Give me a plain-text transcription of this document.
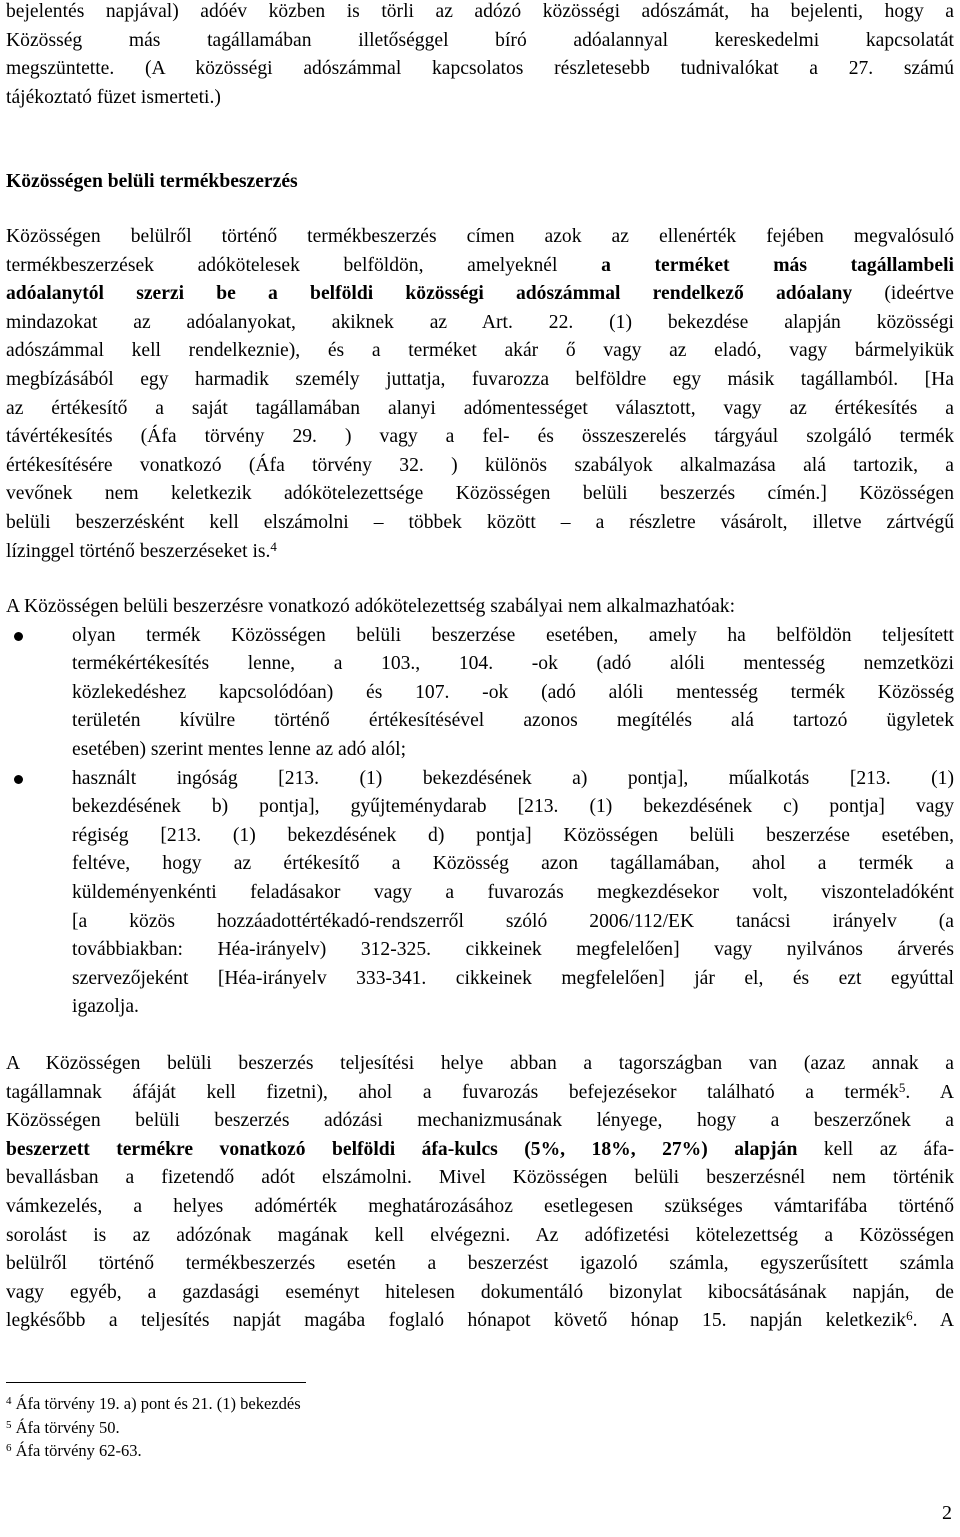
bejelentés napjával) adóév közben is törli az adózó közösségi adószámát, ha bejelenti, hogy a
Közösség más tagállamában illetőséggel bíró adóalannyal kereskedelmi kapcsolatát
megszüntette. (A közösségi adószámmal kapcsolatos részletesebb tudnivalókat a 27. számú
tájékoztató füzet ismerteti.)

Közösségen belüli termékbeszerzés

Közösségen belülről történő termékbeszerzés címen azok az ellenérték fejében megvalósuló
termékbeszerzések adókötelesek belföldön, amelyeknél a terméket más tagállambeli
adóalanytól szerzi be a belföldi közösségi adószámmal rendelkező adóalany (ideértve
mindazokat az adóalanyokat, akiknek az Art. 22. (1) bekezdése alapján közösségi
adószámmal kell rendelkeznie), és a terméket akár ő vagy az eladó, vagy bármelyikük
megbízásából egy harmadik személy juttatja, fuvarozza belföldre egy másik tagállamból. [Ha
az értékesítő a saját tagállamában alanyi adómentességet választott, vagy az értékesítés a
távértékesítés (Áfa törvény 29. ) vagy a fel- és összeszerelés tárgyául szolgáló termék
értékesítésére vonatkozó (Áfa törvény 32. ) különös szabályok alkalmazása alá tartozik, a
vevőnek nem keletkezik adókötelezettsége Közösségen belüli beszerzés címén.] Közösségen
belüli beszerzésként kell elszámolni – többek között – a részletre vásárolt, illetve zártvégű
lízinggel történő beszerzéseket is.$^4$

A Közösségen belüli beszerzésre vonatkozó adókötelezettség szabályai nem alkalmazhatóak:

olyan termék Közösségen belüli beszerzése esetében, amely ha belföldön teljesített
termékértékesítés lenne, a 103., 104. -ok (adó alóli mentesség nemzetközi
közlekedéshez kapcsolódóan) és 107. -ok (adó alóli mentesség termék Közösség
területén kívülre történő értékesítésével azonos megítélés alá tartozó ügyletek
esetében) szerint mentes lenne az adó alól;
használt ingóság [213. (1) bekezdésének a) pontja], műalkotás [213. (1)
bekezdésének b) pontja], gyűjteménydarab [213. (1) bekezdésének c) pontja] vagy
régiség [213. (1) bekezdésének d) pontja] Közösségen belüli beszerzése esetében,
feltéve, hogy az értékesítő a Közösség azon tagállamában, ahol a termék a
küldeményenkénti feladásakor vagy a fuvarozás megkezdésekor volt, viszonteladóként
[a közös hozzáadottértékadó-rendszerről szóló 2006/112/EK tanácsi irányelv (a
továbbiakban: Héa-irányelv) 312-325. cikkeinek megfelelően] vagy nyilvános árverés
szervezőjeként [Héa-irányelv 333-341. cikkeinek megfelelően] jár el, és ezt egyúttal
igazolja.

A Közösségen belüli beszerzés teljesítési helye abban a tagországban van (azaz annak a
tagállamnak áfáját kell fizetni), ahol a fuvarozás befejezésekor található a termék$^5$. A
Közösségen belüli beszerzés adózási mechanizmusának lényege, hogy a beszerzőnek a
beszerzett termékre vonatkozó belföldi áfa-kulcs (5%, 18%, 27%) alapján kell az áfa-
bevallásban a fizetendő adót elszámolni. Mivel Közösségen belüli beszerzésnél nem történik
vámkezelés, a helyes adómérték meghatározásához esetlegesen szükséges vámtarifába történő
sorolást is az adózónak magának kell elvégezni. Az adófizetési kötelezettség a Közösségen
belülről történő termékbeszerzés esetén a beszerzést igazoló számla, egyszerűsített számla
vagy egyéb, a gazdasági eseményt hitelesen dokumentáló bizonylat kibocsátásának napján, de
legkésőbb a teljesítés napját magába foglaló hónapot követő hónap 15. napján keletkezik$^6$. A

$^4$ Áfa törvény 19. a) pont és 21. (1) bekezdés
$^5$ Áfa törvény 50.
$^6$ Áfa törvény 62-63.
2
